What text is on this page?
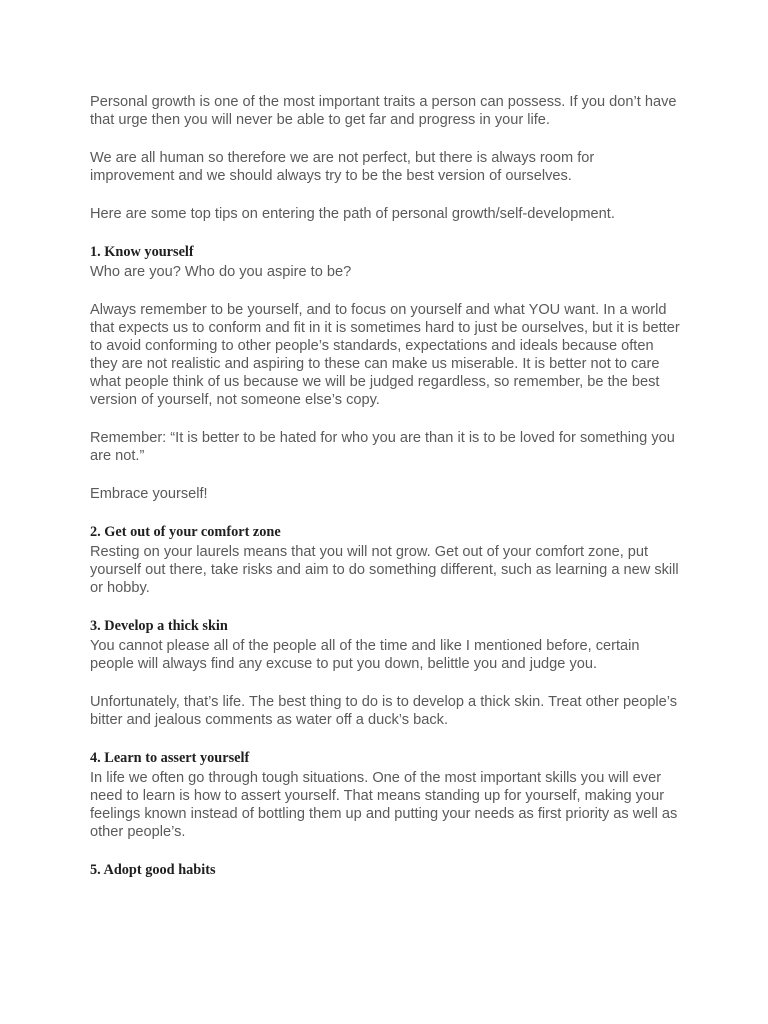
Personal growth is one of the most important traits a person can possess. If you don’t have that urge then you will never be able to get far and progress in your life.

We are all human so therefore we are not perfect, but there is always room for improvement and we should always try to be the best version of ourselves.

Here are some top tips on entering the path of personal growth/self-development.

1. Know yourself

Who are you? Who do you aspire to be?

Always remember to be yourself, and to focus on yourself and what YOU want. In a world that expects us to conform and fit in it is sometimes hard to just be ourselves, but it is better to avoid conforming to other people’s standards, expectations and ideals because often they are not realistic and aspiring to these can make us miserable. It is better not to care what people think of us because we will be judged regardless, so remember, be the best version of yourself, not someone else’s copy.

Remember: “It is better to be hated for who you are than it is to be loved for something you are not.”

Embrace yourself!

2. Get out of your comfort zone

Resting on your laurels means that you will not grow. Get out of your comfort zone, put yourself out there, take risks and aim to do something different, such as learning a new skill or hobby.

3. Develop a thick skin

You cannot please all of the people all of the time and like I mentioned before, certain people will always find any excuse to put you down, belittle you and judge you.

Unfortunately, that’s life. The best thing to do is to develop a thick skin. Treat other people’s bitter and jealous comments as water off a duck’s back.

4. Learn to assert yourself

In life we often go through tough situations. One of the most important skills you will ever need to learn is how to assert yourself. That means standing up for yourself, making your feelings known instead of bottling them up and putting your needs as first priority as well as other people’s.

5. Adopt good habits
